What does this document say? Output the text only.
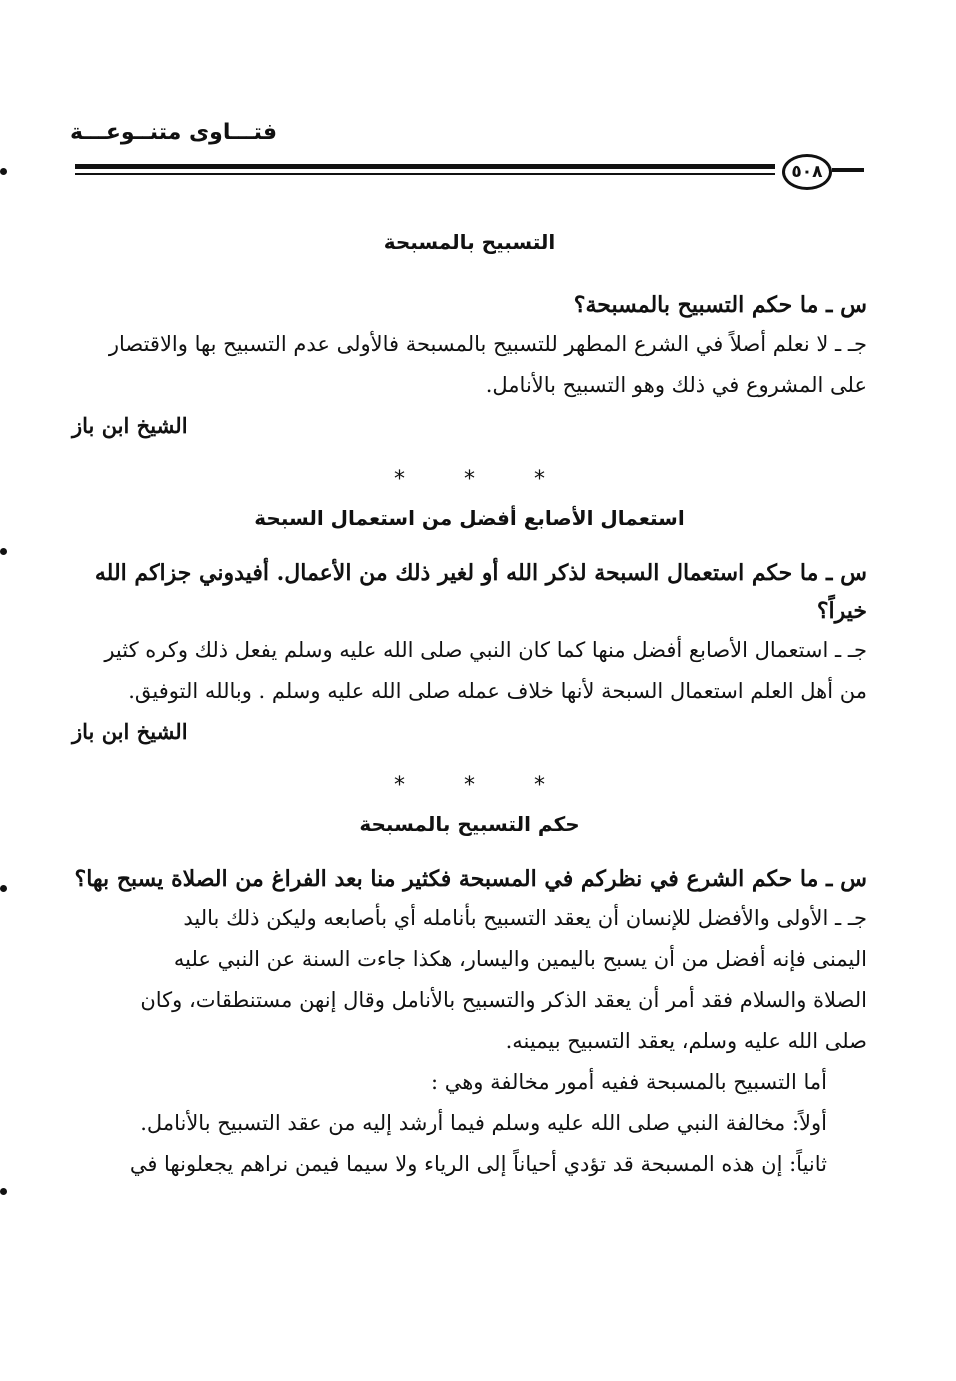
فتـــاوى متنــوعـــة
٥٠٨

التسبيح بالمسبحة

س ـ ما حكم التسبيح بالمسبحة؟

جـ ـ لا نعلم أصلاً في الشرع المطهر للتسبيح بالمسبحة فالأولى عدم التسبيح بها والاقتصار

على المشروع في ذلك وهو التسبيح بالأنامل.

الشيخ ابن باز

* * *

استعمال الأصابع أفضل من استعمال السبحة

س ـ ما حكم استعمال السبحة لذكر الله أو لغير ذلك من الأعمال. أفيدوني جزاكم الله

خيراً؟

جـ ـ استعمال الأصابع أفضل منها كما كان النبي صلى الله عليه وسلم يفعل ذلك وكره كثير

من أهل العلم استعمال السبحة لأنها خلاف عمله صلى الله عليه وسلم . وبالله التوفيق.

الشيخ ابن باز

* * *

حكم التسبيح بالمسبحة

س ـ ما حكم الشرع في نظركم في المسبحة فكثير منا بعد الفراغ من الصلاة يسبح بها؟

جـ ـ الأولى والأفضل للإنسان أن يعقد التسبيح بأنامله أي بأصابعه وليكن ذلك باليد

اليمنى فإنه أفضل من أن يسبح باليمين واليسار، هكذا جاءت السنة عن النبي عليه

الصلاة والسلام فقد أمر أن يعقد الذكر والتسبيح بالأنامل وقال إنهن مستنطقات، وكان

صلى الله عليه وسلم، يعقد التسبيح بيمينه.

أما التسبيح بالمسبحة ففيه أمور مخالفة وهي :

أولاً: مخالفة النبي صلى الله عليه وسلم فيما أرشد إليه من عقد التسبيح بالأنامل.

ثانياً: إن هذه المسبحة قد تؤدي أحياناً إلى الرياء ولا سيما فيمن نراهم يجعلونها في
